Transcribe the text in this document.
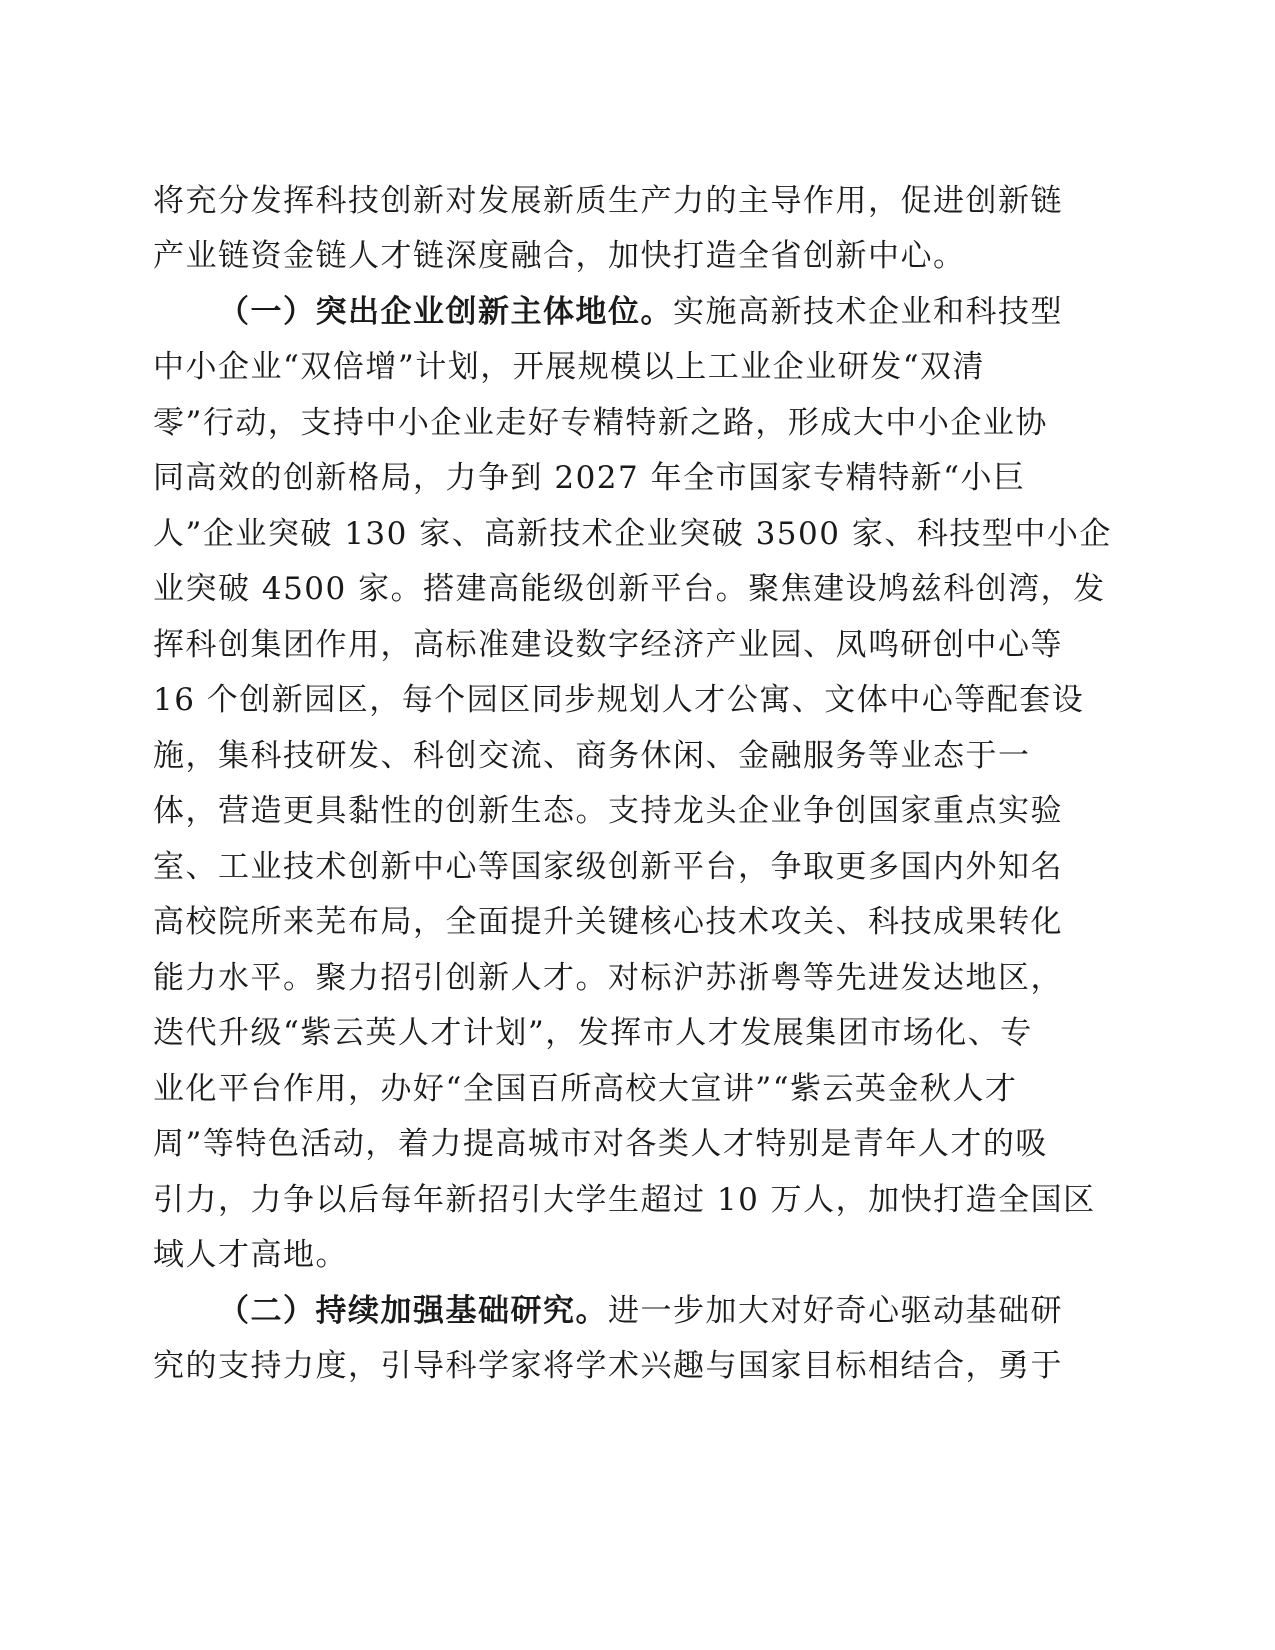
将充分发挥科技创新对发展新质生产力的主导作用，促进创新链
产业链资金链人才链深度融合，加快打造全省创新中心。
（一）突出企业创新主体地位。实施高新技术企业和科技型
中小企业“双倍增”计划，开展规模以上工业企业研发“双清
零”行动，支持中小企业走好专精特新之路，形成大中小企业协
同高效的创新格局，力争到 2027 年全市国家专精特新“小巨
人”企业突破 130 家、高新技术企业突破 3500 家、科技型中小企
业突破 4500 家。搭建高能级创新平台。聚焦建设鸠兹科创湾，发
挥科创集团作用，高标准建设数字经济产业园、凤鸣研创中心等
16 个创新园区，每个园区同步规划人才公寓、文体中心等配套设
施，集科技研发、科创交流、商务休闲、金融服务等业态于一
体，营造更具黏性的创新生态。支持龙头企业争创国家重点实验
室、工业技术创新中心等国家级创新平台，争取更多国内外知名
高校院所来芜布局，全面提升关键核心技术攻关、科技成果转化
能力水平。聚力招引创新人才。对标沪苏浙粤等先进发达地区，
迭代升级“紫云英人才计划”，发挥市人才发展集团市场化、专
业化平台作用，办好“全国百所高校大宣讲”“紫云英金秋人才
周”等特色活动，着力提高城市对各类人才特别是青年人才的吸
引力，力争以后每年新招引大学生超过 10 万人，加快打造全国区
域人才高地。
（二）持续加强基础研究。进一步加大对好奇心驱动基础研
究的支持力度，引导科学家将学术兴趣与国家目标相结合，勇于
